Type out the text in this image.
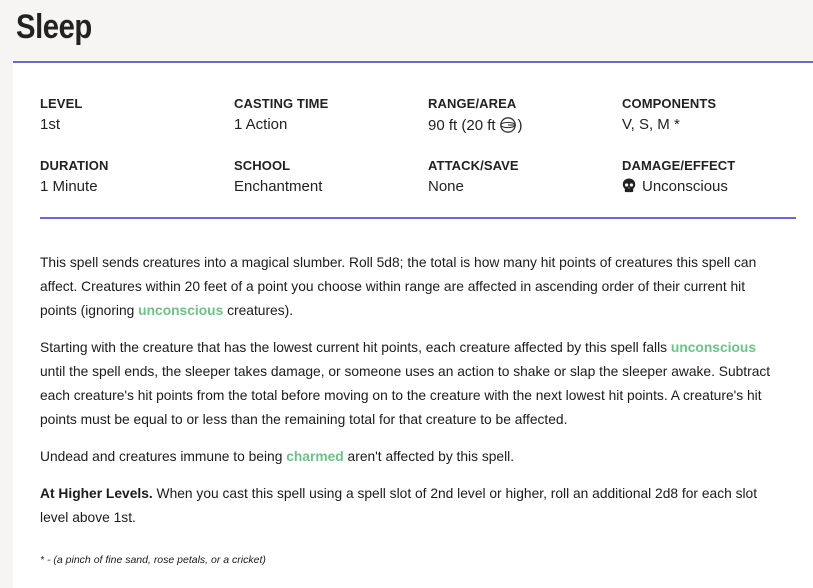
Sleep
LEVEL
1st
CASTING TIME
1 Action
RANGE/AREA
90 ft (20 ft )
COMPONENTS
V, S, M *
DURATION
1 Minute
SCHOOL
Enchantment
ATTACK/SAVE
None
DAMAGE/EFFECT
Unconscious

This spell sends creatures into a magical slumber. Roll 5d8; the total is how many hit points of creatures this spell can affect. Creatures within 20 feet of a point you choose within range are affected in ascending order of their current hit points (ignoring unconscious creatures).

Starting with the creature that has the lowest current hit points, each creature affected by this spell falls unconscious until the spell ends, the sleeper takes damage, or someone uses an action to shake or slap the sleeper awake. Subtract each creature's hit points from the total before moving on to the creature with the next lowest hit points. A creature's hit points must be equal to or less than the remaining total for that creature to be affected.

Undead and creatures immune to being charmed aren't affected by this spell.

At Higher Levels. When you cast this spell using a spell slot of 2nd level or higher, roll an additional 2d8 for each slot level above 1st.

* - (a pinch of fine sand, rose petals, or a cricket)
